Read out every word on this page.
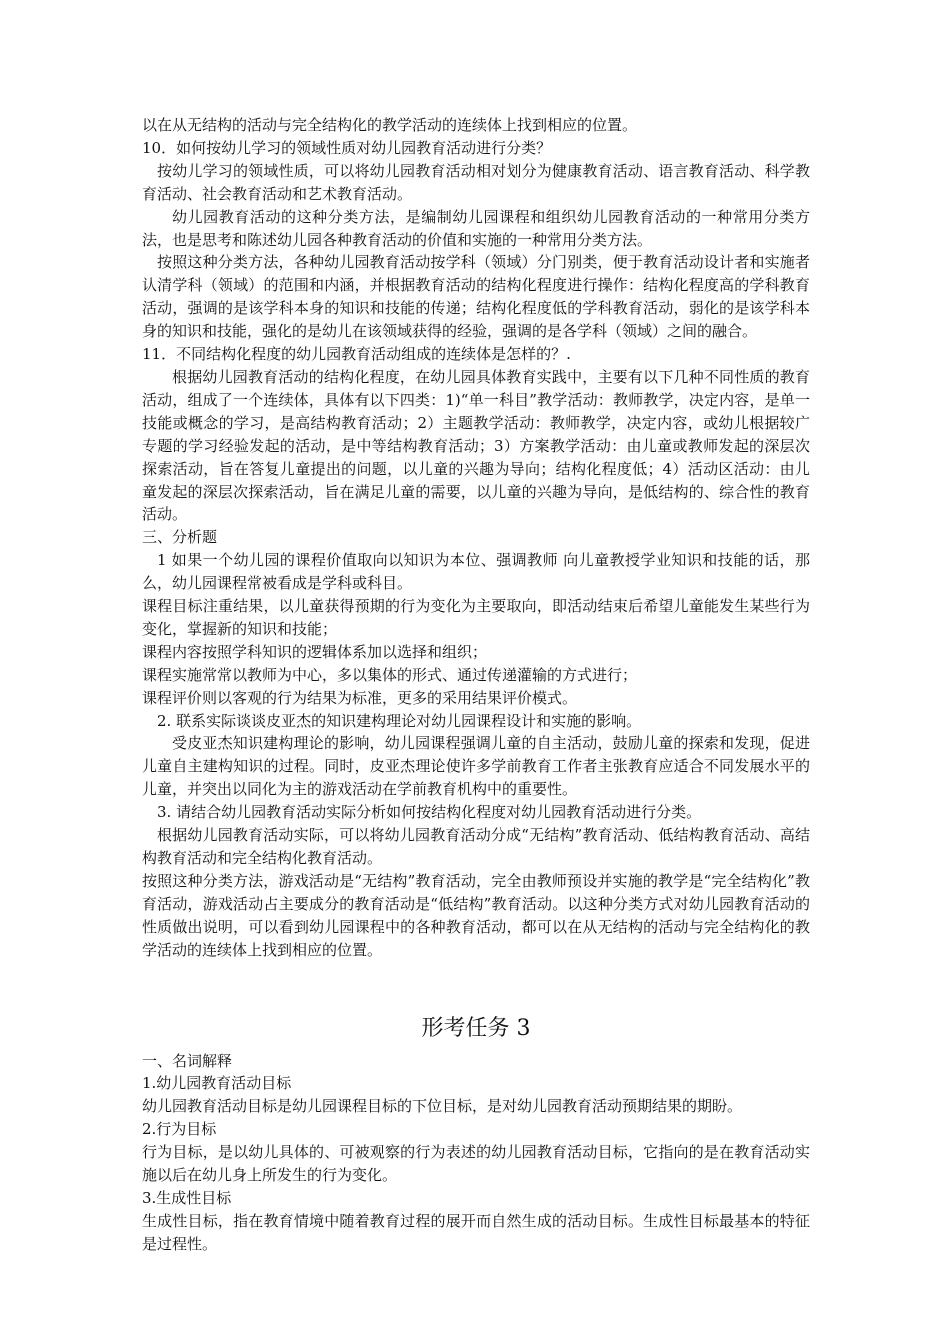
以在从无结构的活动与完全结构化的教学活动的连续体上找到相应的位置。

10．如何按幼儿学习的领域性质对幼儿园教育活动进行分类？

按幼儿学习的领域性质，可以将幼儿园教育活动相对划分为健康教育活动、语言教育活动、科学教育活动、社会教育活动和艺术教育活动。

幼儿园教育活动的这种分类方法，是编制幼儿园课程和组织幼儿园教育活动的一种常用分类方法，也是思考和陈述幼儿园各种教育活动的价值和实施的一种常用分类方法。

按照这种分类方法，各种幼儿园教育活动按学科（领域）分门别类，便于教育活动设计者和实施者认清学科（领域）的范围和内涵，并根据教育活动的结构化程度进行操作：结构化程度高的学科教育活动，强调的是该学科本身的知识和技能的传递；结构化程度低的学科教育活动，弱化的是该学科本身的知识和技能，强化的是幼儿在该领域获得的经验，强调的是各学科（领域）之间的融合。

11．不同结构化程度的幼儿园教育活动组成的连续体是怎样的？.

根据幼儿园教育活动的结构化程度，在幼儿园具体教育实践中，主要有以下几种不同性质的教育活动，组成了一个连续体，具体有以下四类：1)“单一科目”教学活动：教师教学，决定内容，是单一技能或概念的学习，是高结构教育活动；2）主题教学活动：教师教学，决定内容，或幼儿根据较广专题的学习经验发起的活动，是中等结构教育活动；3）方案教学活动：由儿童或教师发起的深层次探索活动，旨在答复儿童提出的问题，以儿童的兴趣为导向；结构化程度低；4）活动区活动：由儿童发起的深层次探索活动，旨在满足儿童的需要，以儿童的兴趣为导向，是低结构的、综合性的教育活动。

三、分析题

1 如果一个幼儿园的课程价值取向以知识为本位、强调教师 向儿童教授学业知识和技能的话，那么，幼儿园课程常被看成是学科或科目。

课程目标注重结果，以儿童获得预期的行为变化为主要取向，即活动结束后希望儿童能发生某些行为变化，掌握新的知识和技能；

课程内容按照学科知识的逻辑体系加以选择和组织；

课程实施常常以教师为中心，多以集体的形式、通过传递灌输的方式进行；

课程评价则以客观的行为结果为标准，更多的采用结果评价模式。

2. 联系实际谈谈皮亚杰的知识建构理论对幼儿园课程设计和实施的影响。

受皮亚杰知识建构理论的影响，幼儿园课程强调儿童的自主活动，鼓励儿童的探索和发现，促进儿童自主建构知识的过程。同时，皮亚杰理论使许多学前教育工作者主张教育应适合不同发展水平的儿童，并突出以同化为主的游戏活动在学前教育机构中的重要性。

3. 请结合幼儿园教育活动实际分析如何按结构化程度对幼儿园教育活动进行分类。

根据幼儿园教育活动实际，可以将幼儿园教育活动分成“无结构”教育活动、低结构教育活动、高结构教育活动和完全结构化教育活动。

按照这种分类方法，游戏活动是“无结构”教育活动，完全由教师预设并实施的教学是“完全结构化”教育活动，游戏活动占主要成分的教育活动是“低结构”教育活动。以这种分类方式对幼儿园教育活动的性质做出说明，可以看到幼儿园课程中的各种教育活动，都可以在从无结构的活动与完全结构化的教学活动的连续体上找到相应的位置。

形考任务 3

一、名词解释

1.幼儿园教育活动目标

幼儿园教育活动目标是幼儿园课程目标的下位目标，是对幼儿园教育活动预期结果的期盼。

2.行为目标

行为目标，是以幼儿具体的、可被观察的行为表述的幼儿园教育活动目标，它指向的是在教育活动实施以后在幼儿身上所发生的行为变化。

3.生成性目标

生成性目标，指在教育情境中随着教育过程的展开而自然生成的活动目标。生成性目标最基本的特征是过程性。
